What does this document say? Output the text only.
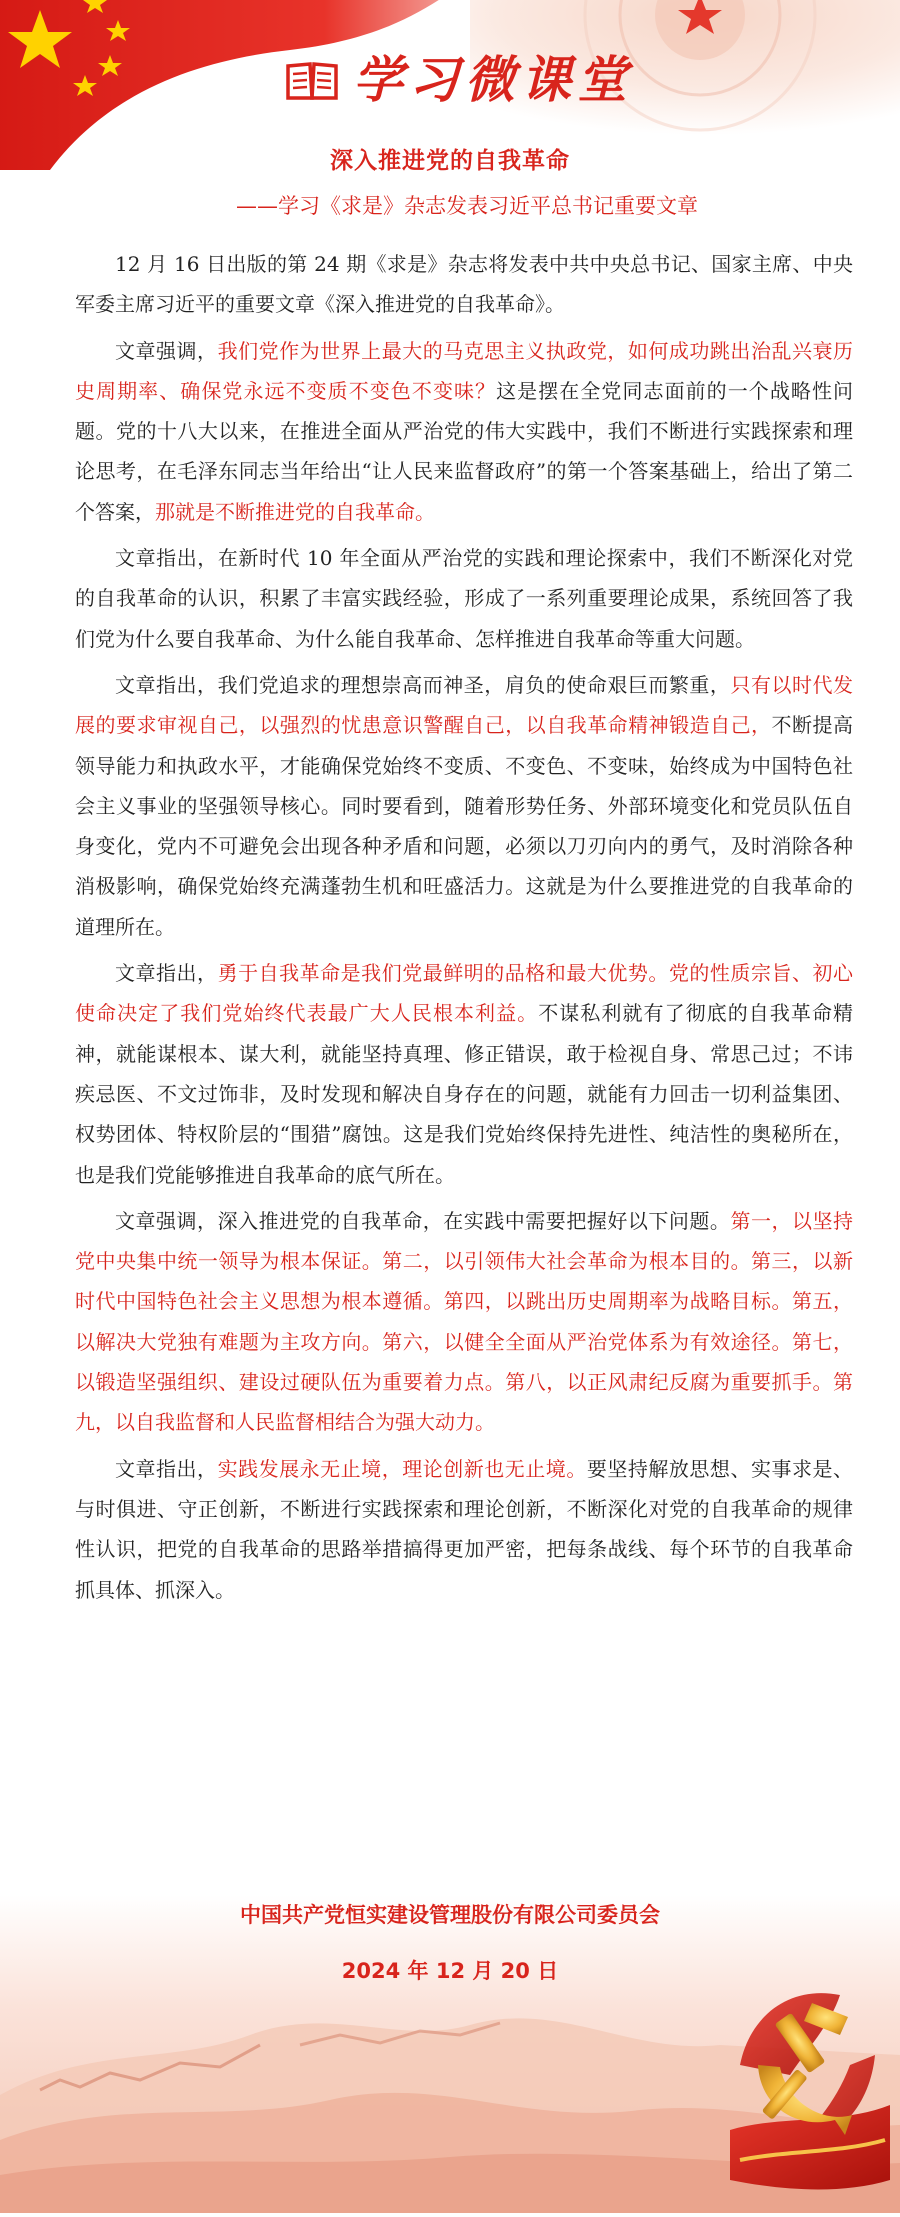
学习微课堂
深入推进党的自我革命
——学习《求是》杂志发表习近平总书记重要文章

12 月 16 日出版的第 24 期《求是》杂志将发表中共中央总书记、国家主席、中央军委主席习近平的重要文章《深入推进党的自我革命》。

文章强调，我们党作为世界上最大的马克思主义执政党，如何成功跳出治乱兴衰历史周期率、确保党永远不变质不变色不变味？这是摆在全党同志面前的一个战略性问题。党的十八大以来，在推进全面从严治党的伟大实践中，我们不断进行实践探索和理论思考，在毛泽东同志当年给出“让人民来监督政府”的第一个答案基础上，给出了第二个答案，那就是不断推进党的自我革命。

文章指出，在新时代 10 年全面从严治党的实践和理论探索中，我们不断深化对党的自我革命的认识，积累了丰富实践经验，形成了一系列重要理论成果，系统回答了我们党为什么要自我革命、为什么能自我革命、怎样推进自我革命等重大问题。

文章指出，我们党追求的理想崇高而神圣，肩负的使命艰巨而繁重，只有以时代发展的要求审视自己，以强烈的忧患意识警醒自己，以自我革命精神锻造自己，不断提高领导能力和执政水平，才能确保党始终不变质、不变色、不变味，始终成为中国特色社会主义事业的坚强领导核心。同时要看到，随着形势任务、外部环境变化和党员队伍自身变化，党内不可避免会出现各种矛盾和问题，必须以刀刃向内的勇气，及时消除各种消极影响，确保党始终充满蓬勃生机和旺盛活力。这就是为什么要推进党的自我革命的道理所在。

文章指出，勇于自我革命是我们党最鲜明的品格和最大优势。党的性质宗旨、初心使命决定了我们党始终代表最广大人民根本利益。不谋私利就有了彻底的自我革命精神，就能谋根本、谋大利，就能坚持真理、修正错误，敢于检视自身、常思己过；不讳疾忌医、不文过饰非，及时发现和解决自身存在的问题，就能有力回击一切利益集团、权势团体、特权阶层的“围猎”腐蚀。这是我们党始终保持先进性、纯洁性的奥秘所在，也是我们党能够推进自我革命的底气所在。

文章强调，深入推进党的自我革命，在实践中需要把握好以下问题。第一，以坚持党中央集中统一领导为根本保证。第二，以引领伟大社会革命为根本目的。第三，以新时代中国特色社会主义思想为根本遵循。第四，以跳出历史周期率为战略目标。第五，以解决大党独有难题为主攻方向。第六，以健全全面从严治党体系为有效途径。第七，以锻造坚强组织、建设过硬队伍为重要着力点。第八，以正风肃纪反腐为重要抓手。第九，以自我监督和人民监督相结合为强大动力。

文章指出，实践发展永无止境，理论创新也无止境。要坚持解放思想、实事求是、与时俱进、守正创新，不断进行实践探索和理论创新，不断深化对党的自我革命的规律性认识，把党的自我革命的思路举措搞得更加严密，把每条战线、每个环节的自我革命抓具体、抓深入。

中国共产党恒实建设管理股份有限公司委员会
2024 年 12 月 20 日
